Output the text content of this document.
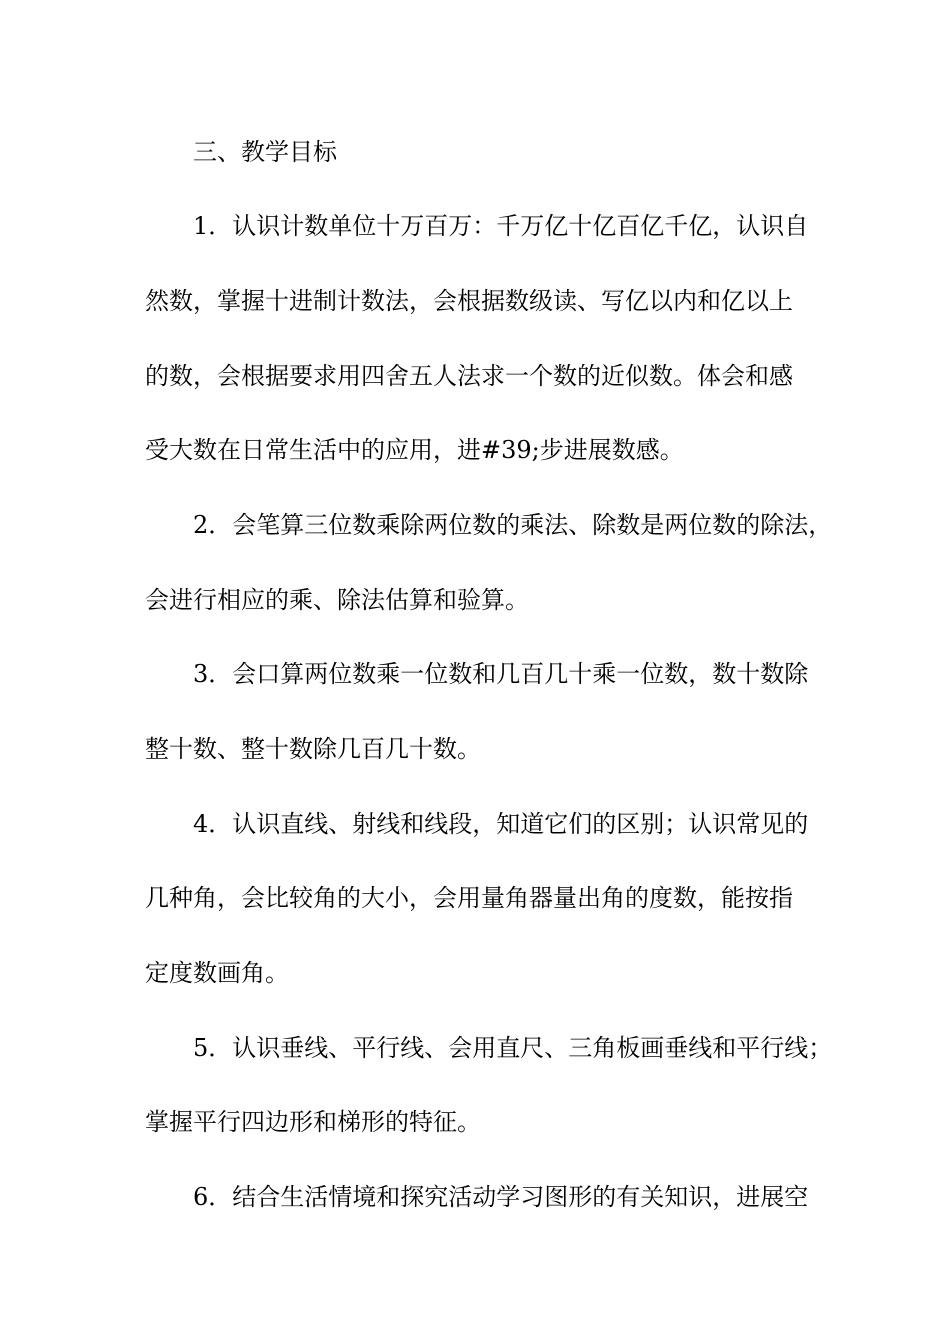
三、教学目标
1．认识计数单位十万百万：千万亿十亿百亿千亿，认识自
然数，掌握十进制计数法，会根据数级读、写亿以内和亿以上
的数，会根据要求用四舍五人法求一个数的近似数。体会和感
受大数在日常生活中的应用，进#39;步进展数感。
2．会笔算三位数乘除两位数的乘法、除数是两位数的除法，
会进行相应的乘、除法估算和验算。
3．会口算两位数乘一位数和几百几十乘一位数，数十数除
整十数、整十数除几百几十数。
4．认识直线、射线和线段，知道它们的区别；认识常见的
几种角，会比较角的大小，会用量角器量出角的度数，能按指
定度数画角。
5．认识垂线、平行线、会用直尺、三角板画垂线和平行线；
掌握平行四边形和梯形的特征。
6．结合生活情境和探究活动学习图形的有关知识，进展空
